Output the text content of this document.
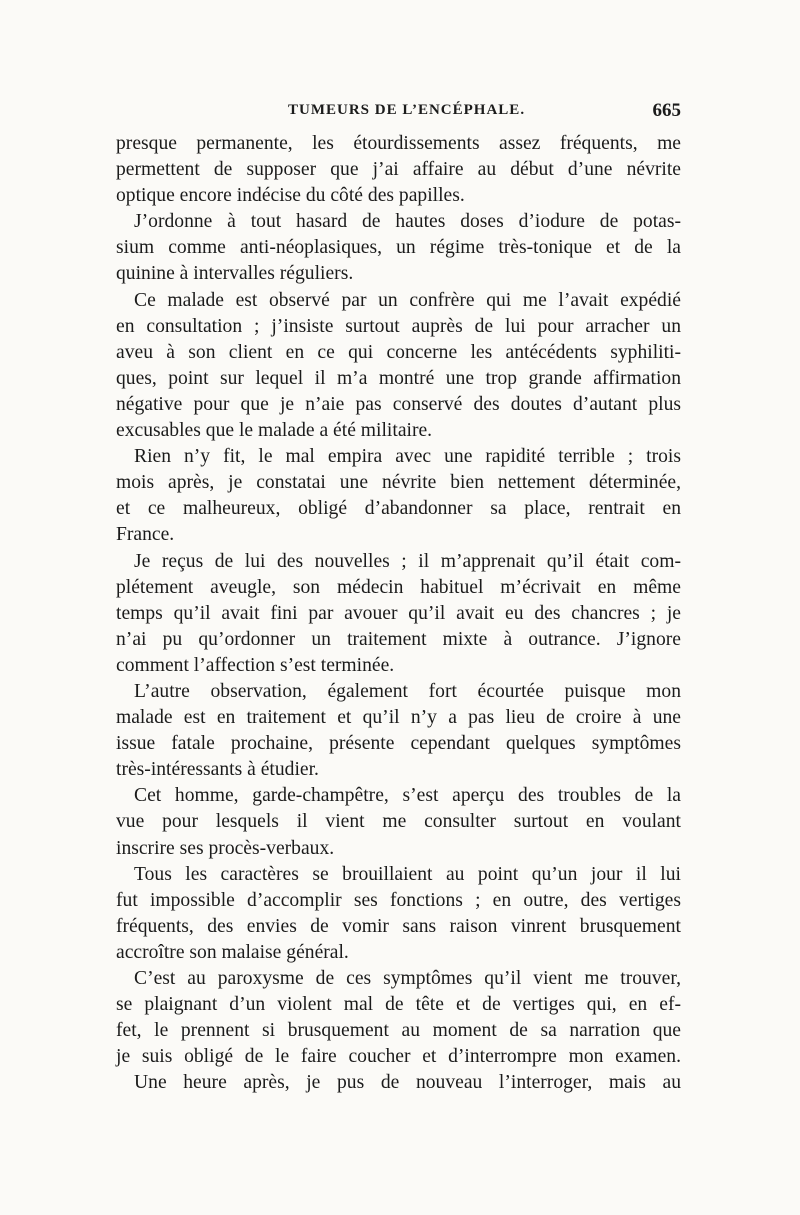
TUMEURS DE L’ENCÉPHALE.	665
presque permanente, les étourdissements assez fréquents, me
permettent de supposer que j’ai affaire au début d’une névrite
optique encore indécise du côté des papilles.
J’ordonne à tout hasard de hautes doses d’iodure de potas-
sium comme anti-néoplasiques, un régime très-tonique et de la
quinine à intervalles réguliers.
Ce malade est observé par un confrère qui me l’avait expédié
en consultation ; j’insiste surtout auprès de lui pour arracher un
aveu à son client en ce qui concerne les antécédents syphiliti-
ques, point sur lequel il m’a montré une trop grande affirmation
négative pour que je n’aie pas conservé des doutes d’autant plus
excusables que le malade a été militaire.
Rien n’y fit, le mal empira avec une rapidité terrible ; trois
mois après, je constatai une névrite bien nettement déterminée,
et ce malheureux, obligé d’abandonner sa place, rentrait en
France.
Je reçus de lui des nouvelles ; il m’apprenait qu’il était com-
plétement aveugle, son médecin habituel m’écrivait en même
temps qu’il avait fini par avouer qu’il avait eu des chancres ; je
n’ai pu qu’ordonner un traitement mixte à outrance. J’ignore
comment l’affection s’est terminée.
L’autre observation, également fort écourtée puisque mon
malade est en traitement et qu’il n’y a pas lieu de croire à une
issue fatale prochaine, présente cependant quelques symptômes
très-intéressants à étudier.
Cet homme, garde-champêtre, s’est aperçu des troubles de la
vue pour lesquels il vient me consulter surtout en voulant
inscrire ses procès-verbaux.
Tous les caractères se brouillaient au point qu’un jour il lui
fut impossible d’accomplir ses fonctions ; en outre, des vertiges
fréquents, des envies de vomir sans raison vinrent brusquement
accroître son malaise général.
C’est au paroxysme de ces symptômes qu’il vient me trouver,
se plaignant d’un violent mal de tête et de vertiges qui, en ef-
fet, le prennent si brusquement au moment de sa narration que
je suis obligé de le faire coucher et d’interrompre mon examen.
Une heure après, je pus de nouveau l’interroger, mais au
